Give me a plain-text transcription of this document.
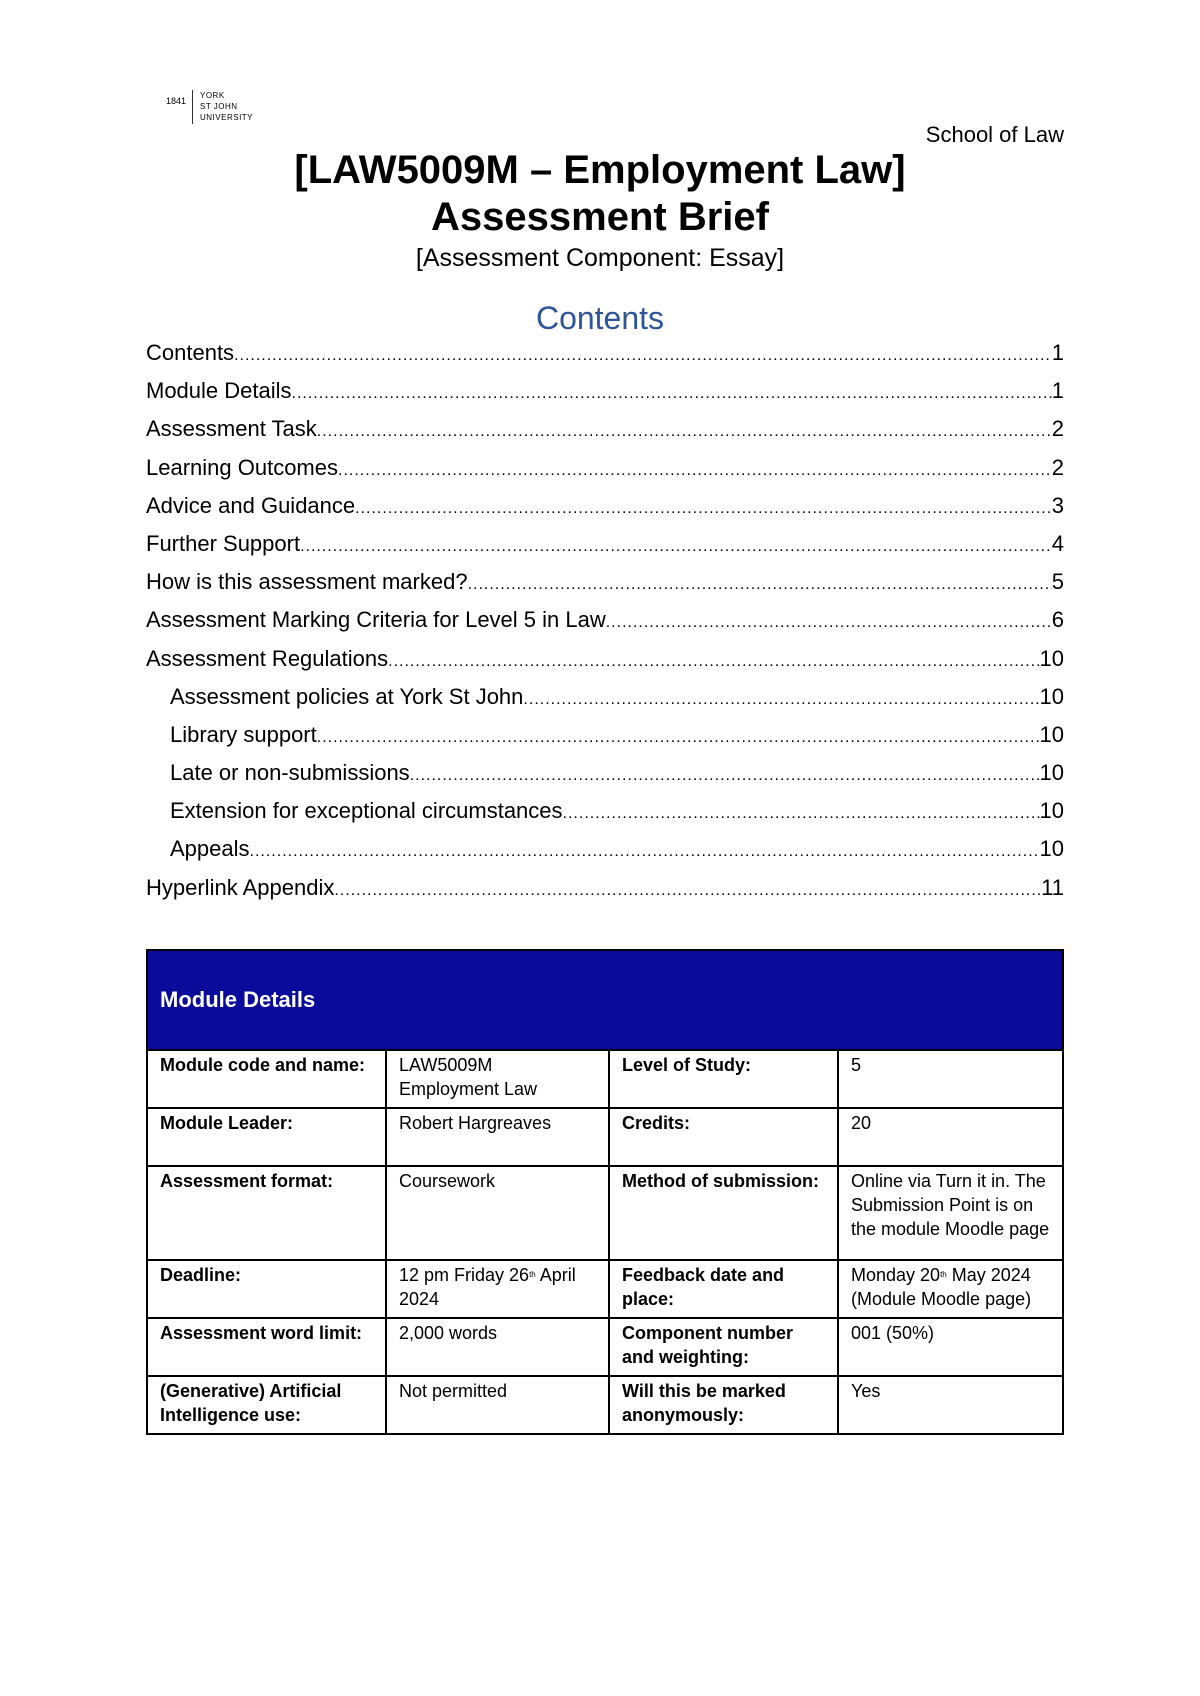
1841
YORK
ST JOHN
UNIVERSITY
School of Law
[LAW5009M – Employment Law]
Assessment Brief
[Assessment Component: Essay]
Contents
Contents .....	1
Module Details .....	1
Assessment Task .....	2
Learning Outcomes .....	2
Advice and Guidance .....	3
Further Support .....	4
How is this assessment marked? .....	5
Assessment Marking Criteria for Level 5 in Law .....	6
Assessment Regulations .....	10
Assessment policies at York St John .....	10
Library support .....	10
Late or non-submissions .....	10
Extension for exceptional circumstances .....	10
Appeals .....	10
Hyperlink Appendix .....	11
Module Details			
Module code and name:	LAW5009M Employment Law	Level of Study:	5
Module Leader:	Robert Hargreaves	Credits:	20
Assessment format:	Coursework	Method of submission:	Online via Turn it in. The Submission Point is on the module Moodle page
Deadline:	12 pm Friday 26th April 2024	Feedback date and place:	Monday 20th May 2024 (Module Moodle page)
Assessment word limit:	2,000 words	Component number and weighting:	001 (50%)
(Generative) Artificial Intelligence use:	Not permitted	Will this be marked anonymously:	Yes
